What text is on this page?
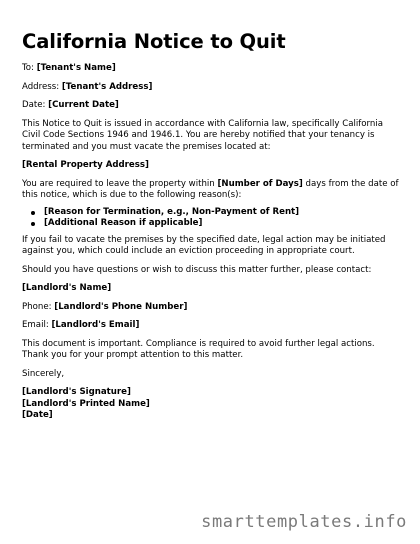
California Notice to Quit

To: [Tenant's Name]

Address: [Tenant's Address]

Date: [Current Date]

This Notice to Quit is issued in accordance with California law, specifically California Civil Code Sections 1946 and 1946.1. You are hereby notified that your tenancy is terminated and you must vacate the premises located at:

[Rental Property Address]

You are required to leave the property within [Number of Days] days from the date of this notice, which is due to the following reason(s):

[Reason for Termination, e.g., Non-Payment of Rent]
[Additional Reason if applicable]

If you fail to vacate the premises by the specified date, legal action may be initiated against you, which could include an eviction proceeding in appropriate court.

Should you have questions or wish to discuss this matter further, please contact:

[Landlord's Name]

Phone: [Landlord's Phone Number]

Email: [Landlord's Email]

This document is important. Compliance is required to avoid further legal actions. Thank you for your prompt attention to this matter.

Sincerely,

[Landlord's Signature]

[Landlord's Printed Name]

[Date]

smarttemplates.info
